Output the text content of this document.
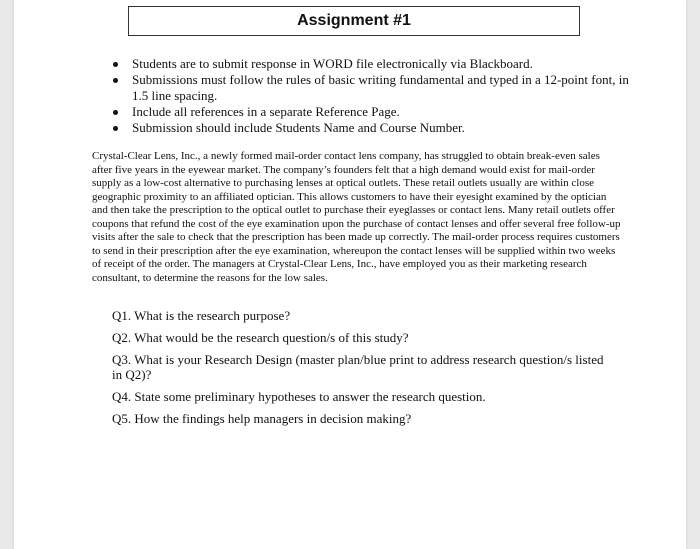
Assignment #1
Students are to submit response in WORD file electronically via Blackboard.
Submissions must follow the rules of basic writing fundamental and typed in a 12-point font, in 1.5 line spacing.
Include all references in a separate Reference Page.
Submission should include Students Name and Course Number.

Crystal-Clear Lens, Inc., a newly formed mail-order contact lens company, has struggled to obtain break-even sales after five years in the eyewear market. The company’s founders felt that a high demand would exist for mail-order supply as a low-cost alternative to purchasing lenses at optical outlets. These retail outlets usually are within close geographic proximity to an affiliated optician. This allows customers to have their eyesight examined by the optician and then take the prescription to the optical outlet to purchase their eyeglasses or contact lens. Many retail outlets offer coupons that refund the cost of the eye examination upon the purchase of contact lenses and offer several free follow-up visits after the sale to check that the prescription has been made up correctly. The mail-order process requires customers to send in their prescription after the eye examination, whereupon the contact lenses will be supplied within two weeks of receipt of the order. The managers at Crystal-Clear Lens, Inc., have employed you as their marketing research consultant, to determine the reasons for the low sales.

Q1. What is the research purpose?

Q2. What would be the research question/s of this study?

Q3. What is your Research Design (master plan/blue print to address research question/s listed in Q2)?

Q4. State some preliminary hypotheses to answer the research question.

Q5. How the findings help managers in decision making?
